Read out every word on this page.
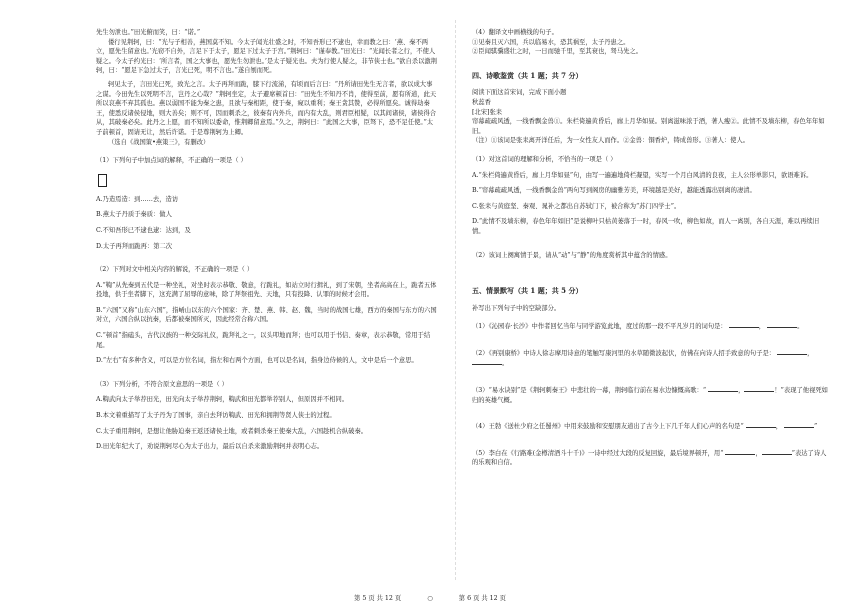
先生勿泄也。”田光俯而笑，曰：“诺。”

偻行见荆轲，曰：“光与子相善，燕国莫不知。今太子闻光壮盛之时，不知吾形已不逮也，幸而教之曰：‘燕、秦不两立，愿先生留意也。’光窃不自外，言足下于太子，愿足下过太子于宫。”荆轲曰：“谨奉教。”田光曰：“光闻长者之行，不使人疑之。今太子约光曰：‘所言者，国之大事也，愿先生勿泄也。’是太子疑光也。夫为行使人疑之，非节侠士也。”欲自杀以激荆轲，曰：“愿足下急过太子，言光已死，明不言也。”遂自刎而死。

轲见太子，言田光已死，致光之言。太子再拜而跪，膝下行流涕，有顷而后言曰：“丹所请田先生无言者，欲以成大事之谋。今田先生以死明不言，岂丹之心哉？”荆轲坐定，太子避席顿首曰：“田先生不知丹不肖，使得至前，愿有所道，此天所以哀燕不弃其孤也。燕以弱国不能为秦之患，且欲与秦相距，使于秦，窥以重利；秦王贪其赞，必得所愿矣。诚得劫秦王，使悉反诸侯侵地，则大善矣；则不可，因而刺杀之，彼秦有内外兵，而内有大乱，则君臣相疑，以其间诸侯，诸侯得合从，其破秦必矣。此丹之上愿，而不知所以委命，惟荆卿留意焉。”久之，荆轲曰：“此国之大事，臣驽下，恐不足任使。”太子前顿首，固请无让，然后许诺。于是尊荆轲为上卿。

（选自《战国策•燕策三》，有删改）

（1）下列句子中加点词的解释，不正确的一项是（ ）

A.乃造焉造：到……去，造访

B.燕太子丹质于秦质：做人

C.不知吾形已不逮也逮：达到，及

D.太子再拜而跪再：第二次

（2）下列对文中相关内容的解说，不正确的一项是（ ）

A.“鞫”从先秦到五代是一种坐礼，对坐时表示恭敬、敬意，行跪礼，如站立时行揖礼，到了宋朝，坐者高高在上，跪者五体投地，供于坐者脚下，这充满了屈辱的意味，除了拜祭祖先、天地，只有投降、认罪的时候才会用。

B.“六国”又称“山东六国”，指崤山以东的六个国家：齐、楚、燕、韩、赵、魏，当时的战国七雄，西方的秦国与东方的六国对立，六国合纵以抗秦，后都被秦国所灭，因此经常合称六国。

C.“顿首”指磕头，古代汉族的一种交际礼仪，跪拜礼之一，以头叩地而拜；也可以用于书信、奏章，表示恭敬，常用于结尾。

D.“左右”有多种含义，可以是方位名词，指左和右两个方面，也可以是名词，指身边侍候的人，文中是后一个意思。

（3）下列分析，不符合原文意思的一项是（ ）

A.鞫武向太子举荐田光，田光向太子举荐荆轲，鞫武和田光都举荐别人，但原因并不相同。

B.本文着重描写了太子丹为了国事，亲自去拜访鞫武、田光和拥荆等贤人侠士的过程。

C.太子重用荆轲，是想让他胁迫秦王返还诸侯土地，或者刺杀秦王使秦大乱，六国趁机合纵破秦。

D.田光年纪大了，劝说荆轲尽心为太子出力，最后以自杀来激励荆轲并表明心志。

（4）翻译文中画横线的句子。

①见秦且灭六国，兵以临易水，恐其祸至，太子丹患之。

②臣闻骐骥盛壮之时，一日而驰千里，至其衰也，驽马先之。

四、诗歌鉴赏（共 1 题；共 7 分）

阅读下面这首宋词，完成下面小题

秋蕊香

[北宋]张耒

帘幕疏疏风透，一线香飘金兽①。朱栏倚遍黄昏后，廊上月华如昼。别离滋味浓于酒，著人瘦②。此情不及墙东柳，春色年年如旧。

（注）①该词是张耒离开洋任后，为一女性友人而作。②金兽：铜香炉，铸成兽形。③著人：使人。

（1）对这首词的理解和分析，不恰当的一项是（ ）

A.“朱栏倚遍黄昏后，廊上月华如昼”句，由写一遍遍地倚栏凝望，实写一个月白风清的良夜，主人公形单影只，欲语难诉。

B.“帘幕疏疏风透，一线香飘金兽”两句写到阁房的幽雅芳美，环境越是美好，越能透露出别离的凄清。

C.张耒与黄庭坚、秦观、晁补之都出自苏轼门下，被合称为“苏门四学士”。

D.“此情不及墙东柳，春色年年如旧”是说柳叶只枯黄萎落于一时，春风一吹，柳色如故，而人一离别，各自天涯，难以再续旧情。

（2）该词上阕寓情于景，请从“动”与“静”的角度赏析其中蕴含的情感。

五、情景默写（共 1 题；共 5 分）

补写出下列句子中的空缺部分。

（1）《沁园春·长沙》中作者回忆当年与同学游览此地，度过的那一段不平凡岁月的词句是：	，	。

（2）《再别康桥》中诗人徐志摩用诗意的笔触写康河里的水草随微波起伏，仿佛在向诗人招手致意的句子是：	， 。

（3）“易水诀别”是《荆轲刺秦王》中悲壮的一幕，荆轲临行前在易水边慷慨高歌：“	，	！”表现了他视死如归的英雄气概。

（4）王勃《送杜少府之任蜀州》中用来鼓励和安慰朋友道出了古今上下几千年人们心声的名句是“	，	”

（5）李白在《行路难(金樽清酒斗十千)》一诗中经过大段的反复回旋，最后境界顿开，用“	，	”表达了诗人的乐观和自信。

第 5 页 共 12 页	○	第 6 页 共 12 页
